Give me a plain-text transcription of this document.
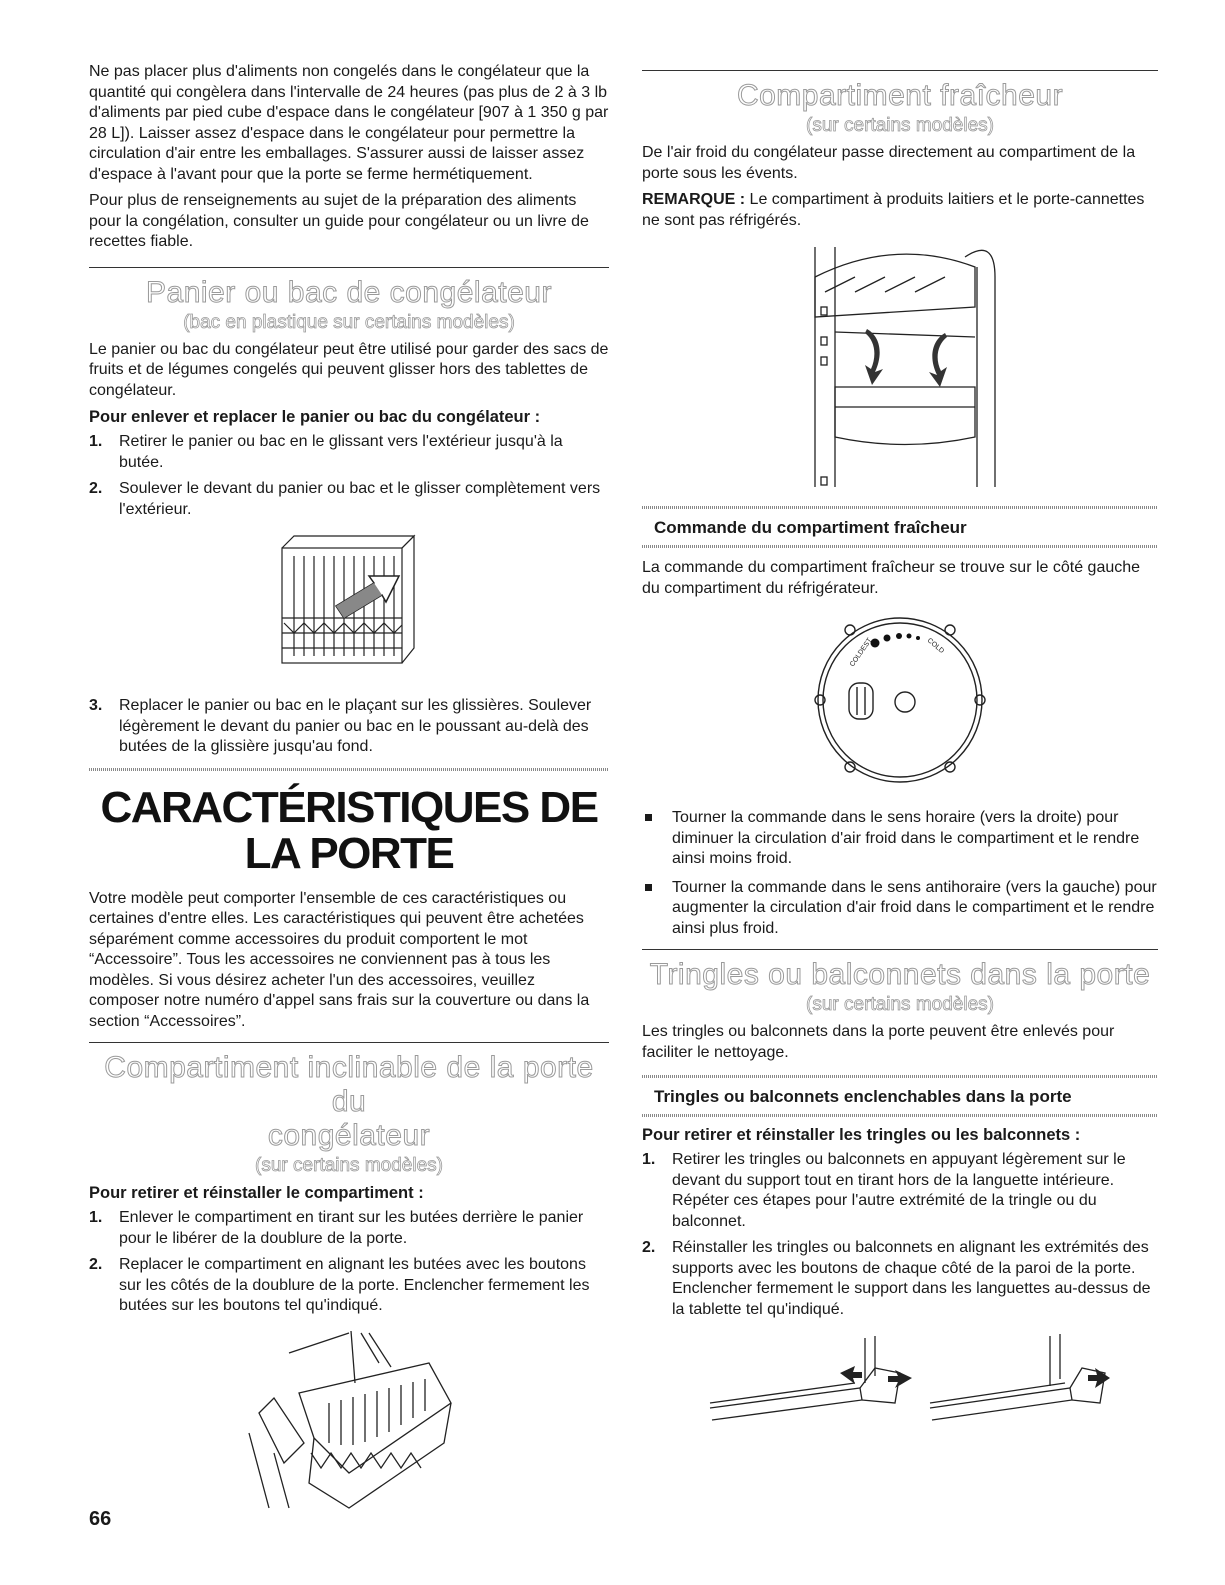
Ne pas placer plus d'aliments non congelés dans le congélateur que la quantité qui congèlera dans l'intervalle de 24 heures (pas plus de 2 à 3 lb d'aliments par pied cube d'espace dans le congélateur [907 à 1 350 g par 28 L]). Laisser assez d'espace dans le congélateur pour permettre la circulation d'air entre les emballages. S'assurer aussi de laisser assez d'espace à l'avant pour que la porte se ferme hermétiquement.

Pour plus de renseignements au sujet de la préparation des aliments pour la congélation, consulter un guide pour congélateur ou un livre de recettes fiable.

Panier ou bac de congélateur
(bac en plastique sur certains modèles)

Le panier ou bac du congélateur peut être utilisé pour garder des sacs de fruits et de légumes congelés qui peuvent glisser hors des tablettes de congélateur.

Pour enlever et replacer le panier ou bac du congélateur :
1. Retirer le panier ou bac en le glissant vers l'extérieur jusqu'à la butée.
2. Soulever le devant du panier ou bac et le glisser complètement vers l'extérieur.
3. Replacer le panier ou bac en le plaçant sur les glissières. Soulever légèrement le devant du panier ou bac en le poussant au-delà des butées de la glissière jusqu'au fond.
CARACTÉRISTIQUES DE
LA PORTE

Votre modèle peut comporter l'ensemble de ces caractéristiques ou certaines d'entre elles. Les caractéristiques qui peuvent être achetées séparément comme accessoires du produit comportent le mot “Accessoire”. Tous les accessoires ne conviennent pas à tous les modèles. Si vous désirez acheter l'un des accessoires, veuillez composer notre numéro d'appel sans frais sur la couverture ou dans la section “Accessoires”.

Compartiment inclinable de la porte du
congélateur
(sur certains modèles)
Pour retirer et réinstaller le compartiment :
1. Enlever le compartiment en tirant sur les butées derrière le panier pour le libérer de la doublure de la porte.
2. Replacer le compartiment en alignant les butées avec les boutons sur les côtés de la doublure de la porte. Enclencher fermement les butées sur les boutons tel qu'indiqué.
Compartiment fraîcheur
(sur certains modèles)

De l'air froid du congélateur passe directement au compartiment de la porte sous les évents.

REMARQUE : Le compartiment à produits laitiers et le porte-cannettes ne sont pas réfrigérés.

Commande du compartiment fraîcheur

La commande du compartiment fraîcheur se trouve sur le côté gauche du compartiment du réfrigérateur.

COLDEST	COLD
Tourner la commande dans le sens horaire (vers la droite) pour diminuer la circulation d'air froid dans le compartiment et le rendre ainsi moins froid.
Tourner la commande dans le sens antihoraire (vers la gauche) pour augmenter la circulation d'air froid dans le compartiment et le rendre ainsi plus froid.
Tringles ou balconnets dans la porte
(sur certains modèles)

Les tringles ou balconnets dans la porte peuvent être enlevés pour faciliter le nettoyage.

Tringles ou balconnets enclenchables dans la porte
Pour retirer et réinstaller les tringles ou les balconnets :
1. Retirer les tringles ou balconnets en appuyant légèrement sur le devant du support tout en tirant hors de la languette intérieure. Répéter ces étapes pour l'autre extrémité de la tringle ou du balconnet.
2. Réinstaller les tringles ou balconnets en alignant les extrémités des supports avec les boutons de chaque côté de la paroi de la porte. Enclencher fermement le support dans les languettes au-dessus de la tablette tel qu'indiqué.
66
